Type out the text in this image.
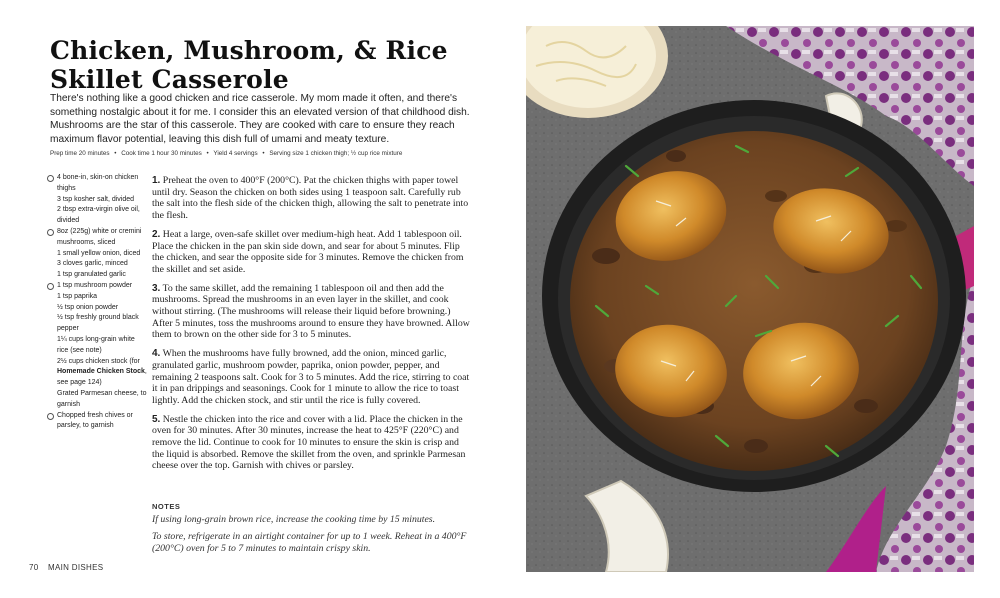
Chicken, Mushroom, & Rice
Skillet Casserole
There's nothing like a good chicken and rice casserole. My mom made it often, and there's something nostalgic about it for me. I consider this an elevated version of that childhood dish. Mushrooms are the star of this casserole. They are cooked with care to ensure they reach maximum flavor potential, leaving this dish full of umami and meaty texture.
Prep time 20 minutes • Cook time 1 hour 30 minutes • Yield 4 servings • Serving size 1 chicken thigh; ½ cup rice mixture
4 bone-in, skin-on chicken thighs
3 tsp kosher salt, divided
2 tbsp extra-virgin olive oil, divided
8oz (225g) white or cremini mushrooms, sliced
1 small yellow onion, diced
3 cloves garlic, minced
1 tsp granulated garlic
1 tsp mushroom powder
1 tsp paprika
½ tsp onion powder
½ tsp freshly ground black pepper
1¼ cups long-grain white rice (see note)
2½ cups chicken stock (for Homemade Chicken Stock, see page 124)
Grated Parmesan cheese, to garnish
Chopped fresh chives or parsley, to garnish
1. Preheat the oven to 400°F (200°C). Pat the chicken thighs with paper towel until dry. Season the chicken on both sides using 1 teaspoon salt. Carefully rub the salt into the flesh side of the chicken thigh, allowing the salt to penetrate into the flesh.
2. Heat a large, oven-safe skillet over medium-high heat. Add 1 tablespoon oil. Place the chicken in the pan skin side down, and sear for about 5 minutes. Flip the chicken, and sear the opposite side for 3 minutes. Remove the chicken from the skillet and set aside.
3. To the same skillet, add the remaining 1 tablespoon oil and then add the mushrooms. Spread the mushrooms in an even layer in the skillet, and cook without stirring. (The mushrooms will release their liquid before browning.) After 5 minutes, toss the mushrooms around to ensure they have browned. Allow them to brown on the other side for 3 to 5 minutes.
4. When the mushrooms have fully browned, add the onion, minced garlic, granulated garlic, mushroom powder, paprika, onion powder, pepper, and remaining 2 teaspoons salt. Cook for 3 to 5 minutes. Add the rice, stirring to coat it in pan drippings and seasonings. Cook for 1 minute to allow the rice to toast lightly. Add the chicken stock, and stir until the rice is fully covered.
5. Nestle the chicken into the rice and cover with a lid. Place the chicken in the oven for 30 minutes. After 30 minutes, increase the heat to 425°F (220°C) and remove the lid. Continue to cook for 10 minutes to ensure the skin is crisp and the liquid is absorbed. Remove the skillet from the oven, and sprinkle Parmesan cheese over the top. Garnish with chives or parsley.
NOTES

If using long-grain brown rice, increase the cooking time by 15 minutes.

To store, refrigerate in an airtight container for up to 1 week. Reheat in a 400°F (200°C) oven for 5 to 7 minutes to maintain crispy skin.

70 MAIN DISHES
